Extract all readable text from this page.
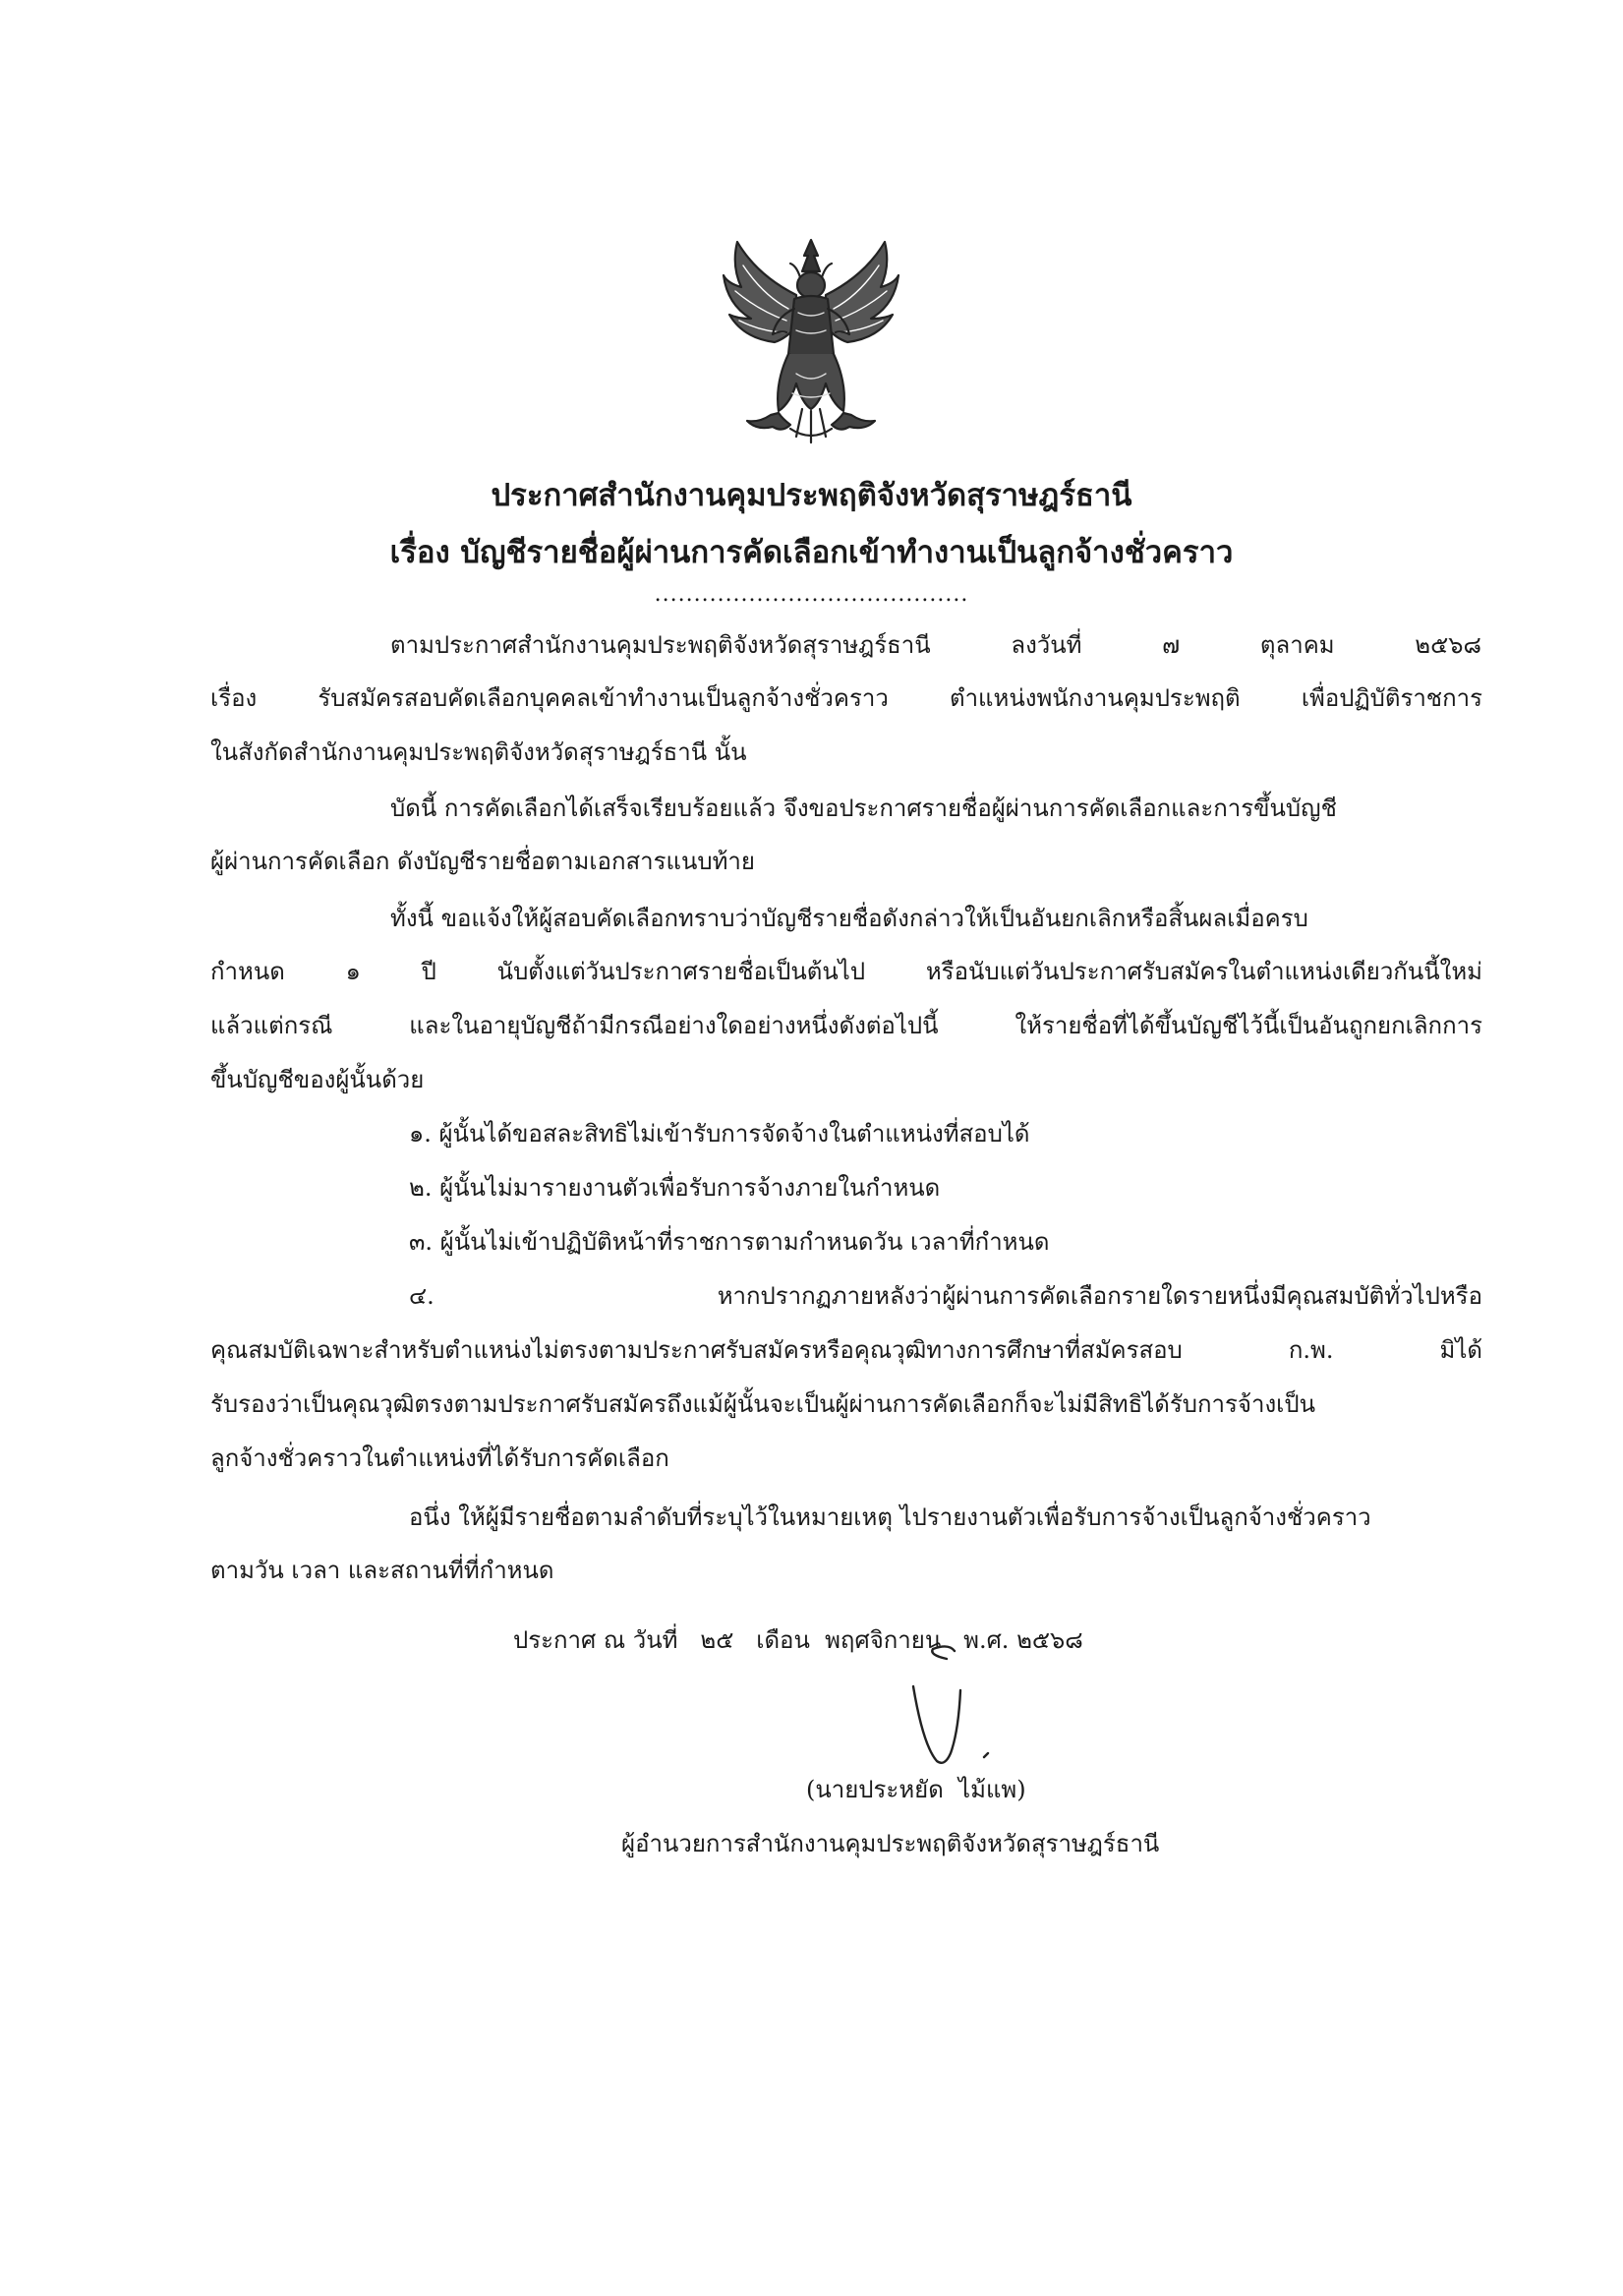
ประกาศสำนักงานคุมประพฤติจังหวัดสุราษฎร์ธานี
เรื่อง บัญชีรายชื่อผู้ผ่านการคัดเลือกเข้าทำงานเป็นลูกจ้างชั่วคราว
........................................
ตามประกาศสำนักงานคุมประพฤติจังหวัดสุราษฎร์ธานี ลงวันที่ ๗ ตุลาคม ๒๕๖๘
เรื่อง รับสมัครสอบคัดเลือกบุคคลเข้าทำงานเป็นลูกจ้างชั่วคราว ตำแหน่งพนักงานคุมประพฤติ เพื่อปฏิบัติราชการ
ในสังกัดสำนักงานคุมประพฤติจังหวัดสุราษฎร์ธานี นั้น
บัดนี้ การคัดเลือกได้เสร็จเรียบร้อยแล้ว จึงขอประกาศรายชื่อผู้ผ่านการคัดเลือกและการขึ้นบัญชี
ผู้ผ่านการคัดเลือก ดังบัญชีรายชื่อตามเอกสารแนบท้าย
ทั้งนี้ ขอแจ้งให้ผู้สอบคัดเลือกทราบว่าบัญชีรายชื่อดังกล่าวให้เป็นอันยกเลิกหรือสิ้นผลเมื่อครบ
กำหนด ๑ ปี นับตั้งแต่วันประกาศรายชื่อเป็นต้นไป หรือนับแต่วันประกาศรับสมัครในตำแหน่งเดียวกันนี้ใหม่
แล้วแต่กรณี และในอายุบัญชีถ้ามีกรณีอย่างใดอย่างหนึ่งดังต่อไปนี้ ให้รายชื่อที่ได้ขึ้นบัญชีไว้นี้เป็นอันถูกยกเลิกการ
ขึ้นบัญชีของผู้นั้นด้วย
๑. ผู้นั้นได้ขอสละสิทธิไม่เข้ารับการจัดจ้างในตำแหน่งที่สอบได้
๒. ผู้นั้นไม่มารายงานตัวเพื่อรับการจ้างภายในกำหนด
๓. ผู้นั้นไม่เข้าปฏิบัติหน้าที่ราชการตามกำหนดวัน เวลาที่กำหนด
๔. หากปรากฏภายหลังว่าผู้ผ่านการคัดเลือกรายใดรายหนึ่งมีคุณสมบัติทั่วไปหรือ
คุณสมบัติเฉพาะสำหรับตำแหน่งไม่ตรงตามประกาศรับสมัครหรือคุณวุฒิทางการศึกษาที่สมัครสอบ ก.พ. มิได้
รับรองว่าเป็นคุณวุฒิตรงตามประกาศรับสมัครถึงแม้ผู้นั้นจะเป็นผู้ผ่านการคัดเลือกก็จะไม่มีสิทธิได้รับการจ้างเป็น
ลูกจ้างชั่วคราวในตำแหน่งที่ได้รับการคัดเลือก
อนึ่ง ให้ผู้มีรายชื่อตามลำดับที่ระบุไว้ในหมายเหตุ ไปรายงานตัวเพื่อรับการจ้างเป็นลูกจ้างชั่วคราว
ตามวัน เวลา และสถานที่ที่กำหนด
ประกาศ ณ วันที่   ๒๕   เดือน  พฤศจิกายน   พ.ศ. ๒๕๖๘
(นายประหยัด  ไม้แพ)
ผู้อำนวยการสำนักงานคุมประพฤติจังหวัดสุราษฎร์ธานี
